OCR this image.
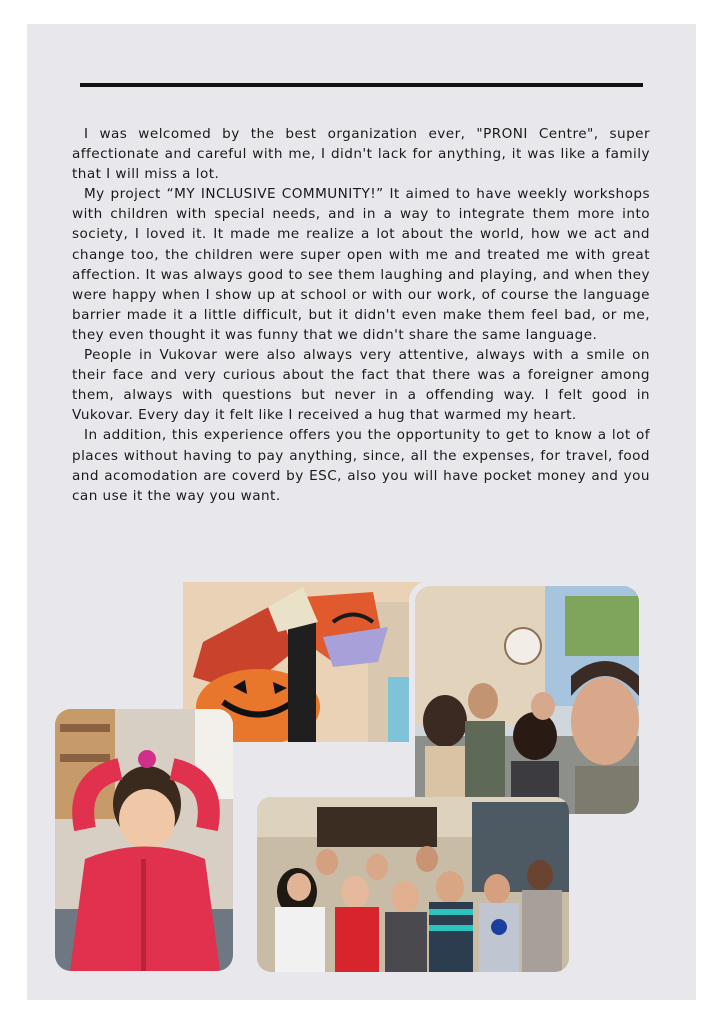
I was welcomed by the best organization ever, "PRONI Centre", super affectionate and careful with me, I didn't lack for anything, it was like a family that I will miss a lot.

My project “MY INCLUSIVE COMMUNITY!” It aimed to have weekly workshops with children with special needs, and in a way to integrate them more into society, I loved it. It made me realize a lot about the world, how we act and change too, the children were super open with me and treated me with great affection. It was always good to see them laughing and playing, and when they were happy when I show up at school or with our work, of course the language barrier made it a little difficult, but it didn't even make them feel bad, or me, they even thought it was funny that we didn't share the same language.

People in Vukovar were also always very attentive, always with a smile on their face and very curious about the fact that there was a foreigner among them, always with questions but never in a offending way. I felt good in Vukovar. Every day it felt like I received a hug that warmed my heart.

In addition, this experience offers you the opportunity to get to know a lot of places without having to pay anything, since, all the expenses, for travel, food and acomodation are coverd by ESC, also you will have pocket money and you can use it the way you want.
